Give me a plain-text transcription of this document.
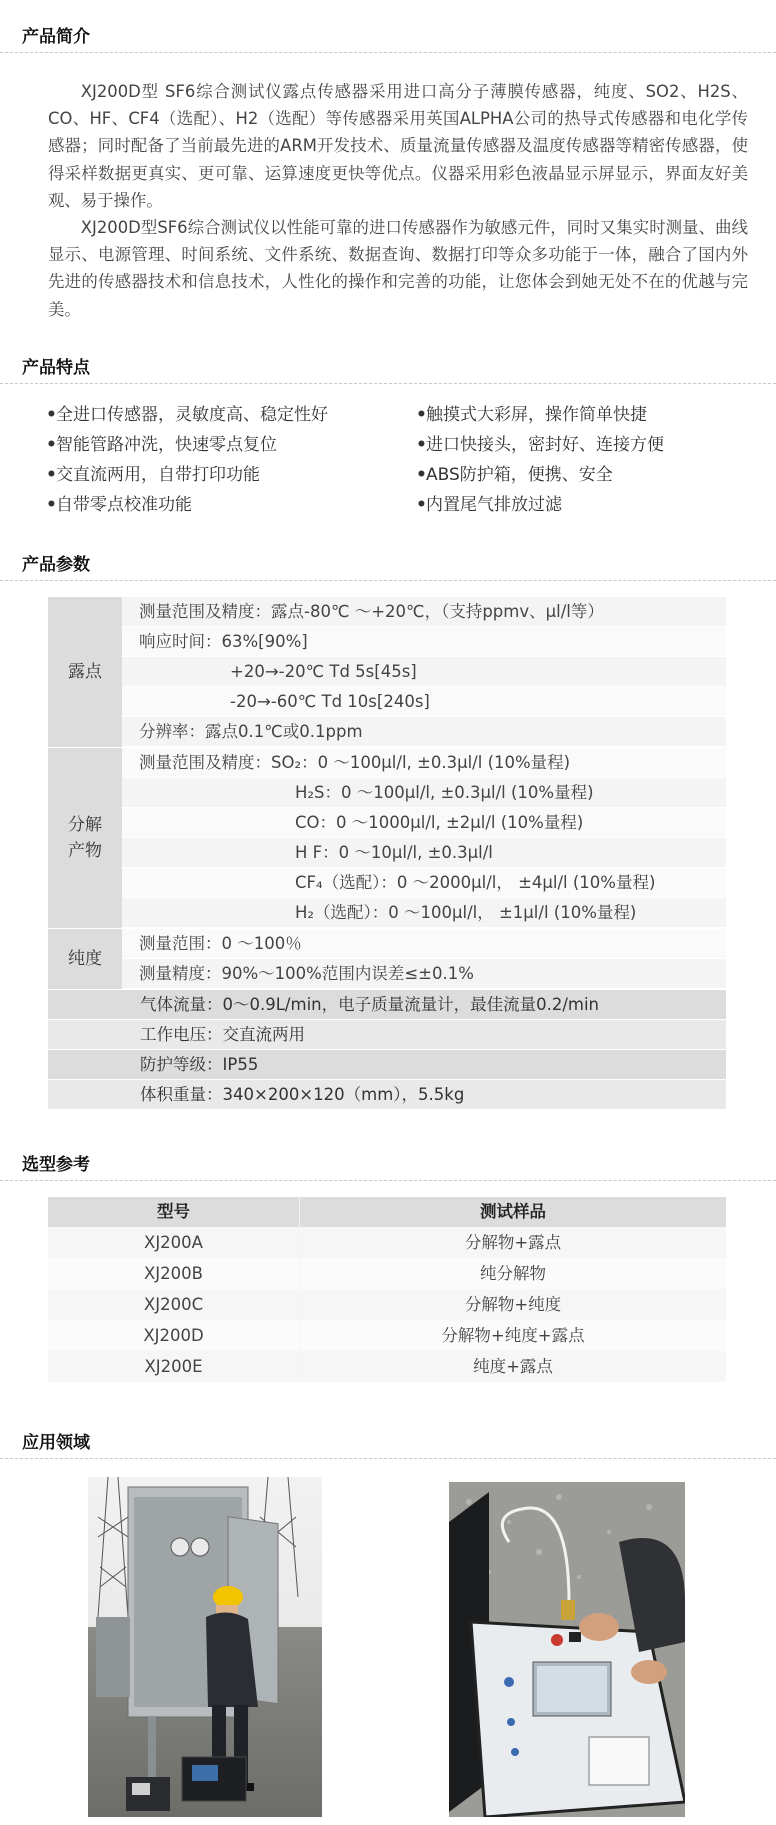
产品简介

XJ200D型 SF6综合测试仪露点传感器采用进口高分子薄膜传感器，纯度、SO2、H2S、CO、HF、CF4（选配）、H2（选配）等传感器采用英国ALPHA公司的热导式传感器和电化学传感器；同时配备了当前最先进的ARM开发技术、质量流量传感器及温度传感器等精密传感器，使得采样数据更真实、更可靠、运算速度更快等优点。仪器采用彩色液晶显示屏显示，界面友好美观、易于操作。

XJ200D型SF6综合测试仪以性能可靠的进口传感器作为敏感元件，同时又集实时测量、曲线显示、电源管理、时间系统、文件系统、数据查询、数据打印等众多功能于一体，融合了国内外先进的传感器技术和信息技术，人性化的操作和完善的功能，让您体会到她无处不在的优越与完美。

产品特点
•全进口传感器，灵敏度高、稳定性好	•触摸式大彩屏，操作简单快捷
•智能管路冲洗，快速零点复位	•进口快接头，密封好、连接方便
•交直流两用，自带打印功能	•ABS防护箱，便携、安全
•自带零点校准功能	•内置尾气排放过滤
产品参数
露点
测量范围及精度：露点-80℃ ～+20℃，（支持ppmv、μl/l等）
响应时间：63%[90%]
+20→-20℃ Td 5s[45s]
-20→-60℃ Td 10s[240s]
分辨率：露点0.1℃或0.1ppm
分解
产物
测量范围及精度：SO₂：0 ～100μl/l, ±0.3μl/l (10%量程)
H₂S：0 ～100μl/l, ±0.3μl/l (10%量程)
CO：0 ～1000μl/l, ±2μl/l (10%量程)
H F：0 ～10μl/l, ±0.3μl/l
CF₄（选配）：0 ～2000μl/l， ±4μl/l (10%量程)
H₂（选配）：0 ～100μl/l， ±1μl/l (10%量程)
纯度
测量范围：0 ～100％
测量精度：90%～100%范围内误差≤±0.1%
气体流量：0～0.9L/min，电子质量流量计，最佳流量0.2/min
工作电压：交直流两用
防护等级：IP55
体积重量：340×200×120（mm），5.5kg
选型参考
型号	测试样品
XJ200A	分解物+露点
XJ200B	纯分解物
XJ200C	分解物+纯度
XJ200D	分解物+纯度+露点
XJ200E	纯度+露点
应用领域
